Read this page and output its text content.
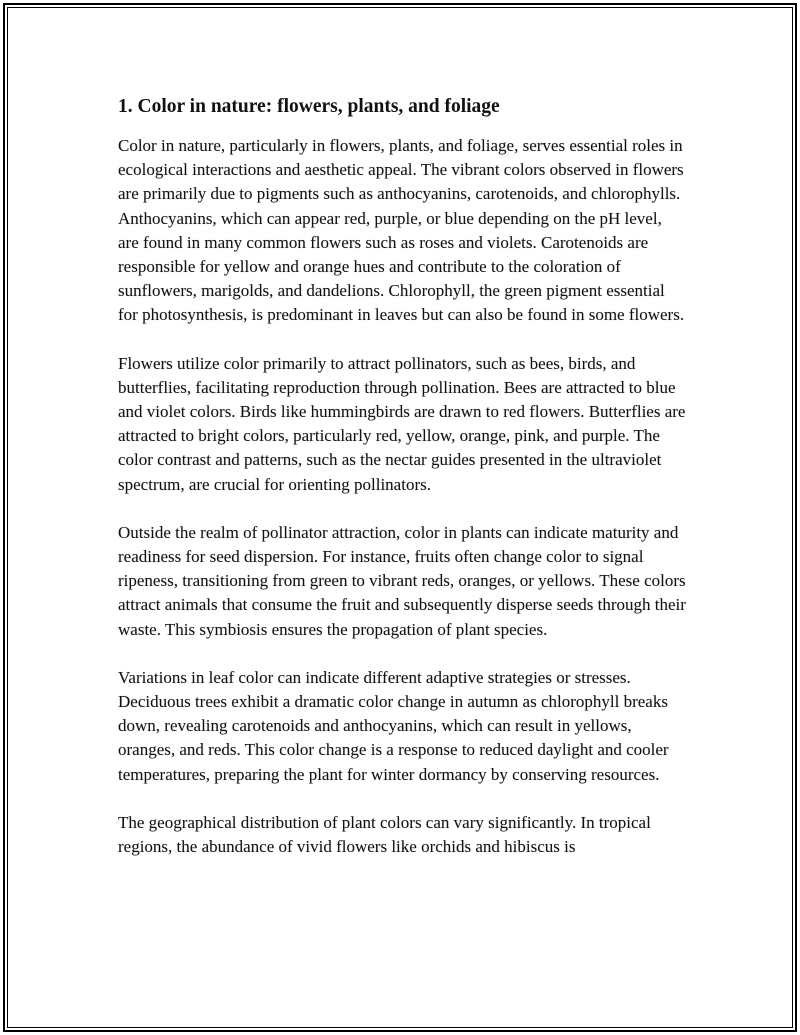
1. Color in nature: flowers, plants, and foliage

Color in nature, particularly in flowers, plants, and foliage, serves essential roles in ecological interactions and aesthetic appeal. The vibrant colors observed in flowers are primarily due to pigments such as anthocyanins, carotenoids, and chlorophylls. Anthocyanins, which can appear red, purple, or blue depending on the pH level, are found in many common flowers such as roses and violets. Carotenoids are responsible for yellow and orange hues and contribute to the coloration of sunflowers, marigolds, and dandelions. Chlorophyll, the green pigment essential for photosynthesis, is predominant in leaves but can also be found in some flowers.

Flowers utilize color primarily to attract pollinators, such as bees, birds, and butterflies, facilitating reproduction through pollination. Bees are attracted to blue and violet colors. Birds like hummingbirds are drawn to red flowers. Butterflies are attracted to bright colors, particularly red, yellow, orange, pink, and purple. The color contrast and patterns, such as the nectar guides presented in the ultraviolet spectrum, are crucial for orienting pollinators.

Outside the realm of pollinator attraction, color in plants can indicate maturity and readiness for seed dispersion. For instance, fruits often change color to signal ripeness, transitioning from green to vibrant reds, oranges, or yellows. These colors attract animals that consume the fruit and subsequently disperse seeds through their waste. This symbiosis ensures the propagation of plant species.

Variations in leaf color can indicate different adaptive strategies or stresses. Deciduous trees exhibit a dramatic color change in autumn as chlorophyll breaks down, revealing carotenoids and anthocyanins, which can result in yellows, oranges, and reds. This color change is a response to reduced daylight and cooler temperatures, preparing the plant for winter dormancy by conserving resources.

The geographical distribution of plant colors can vary significantly. In tropical regions, the abundance of vivid flowers like orchids and hibiscus is
